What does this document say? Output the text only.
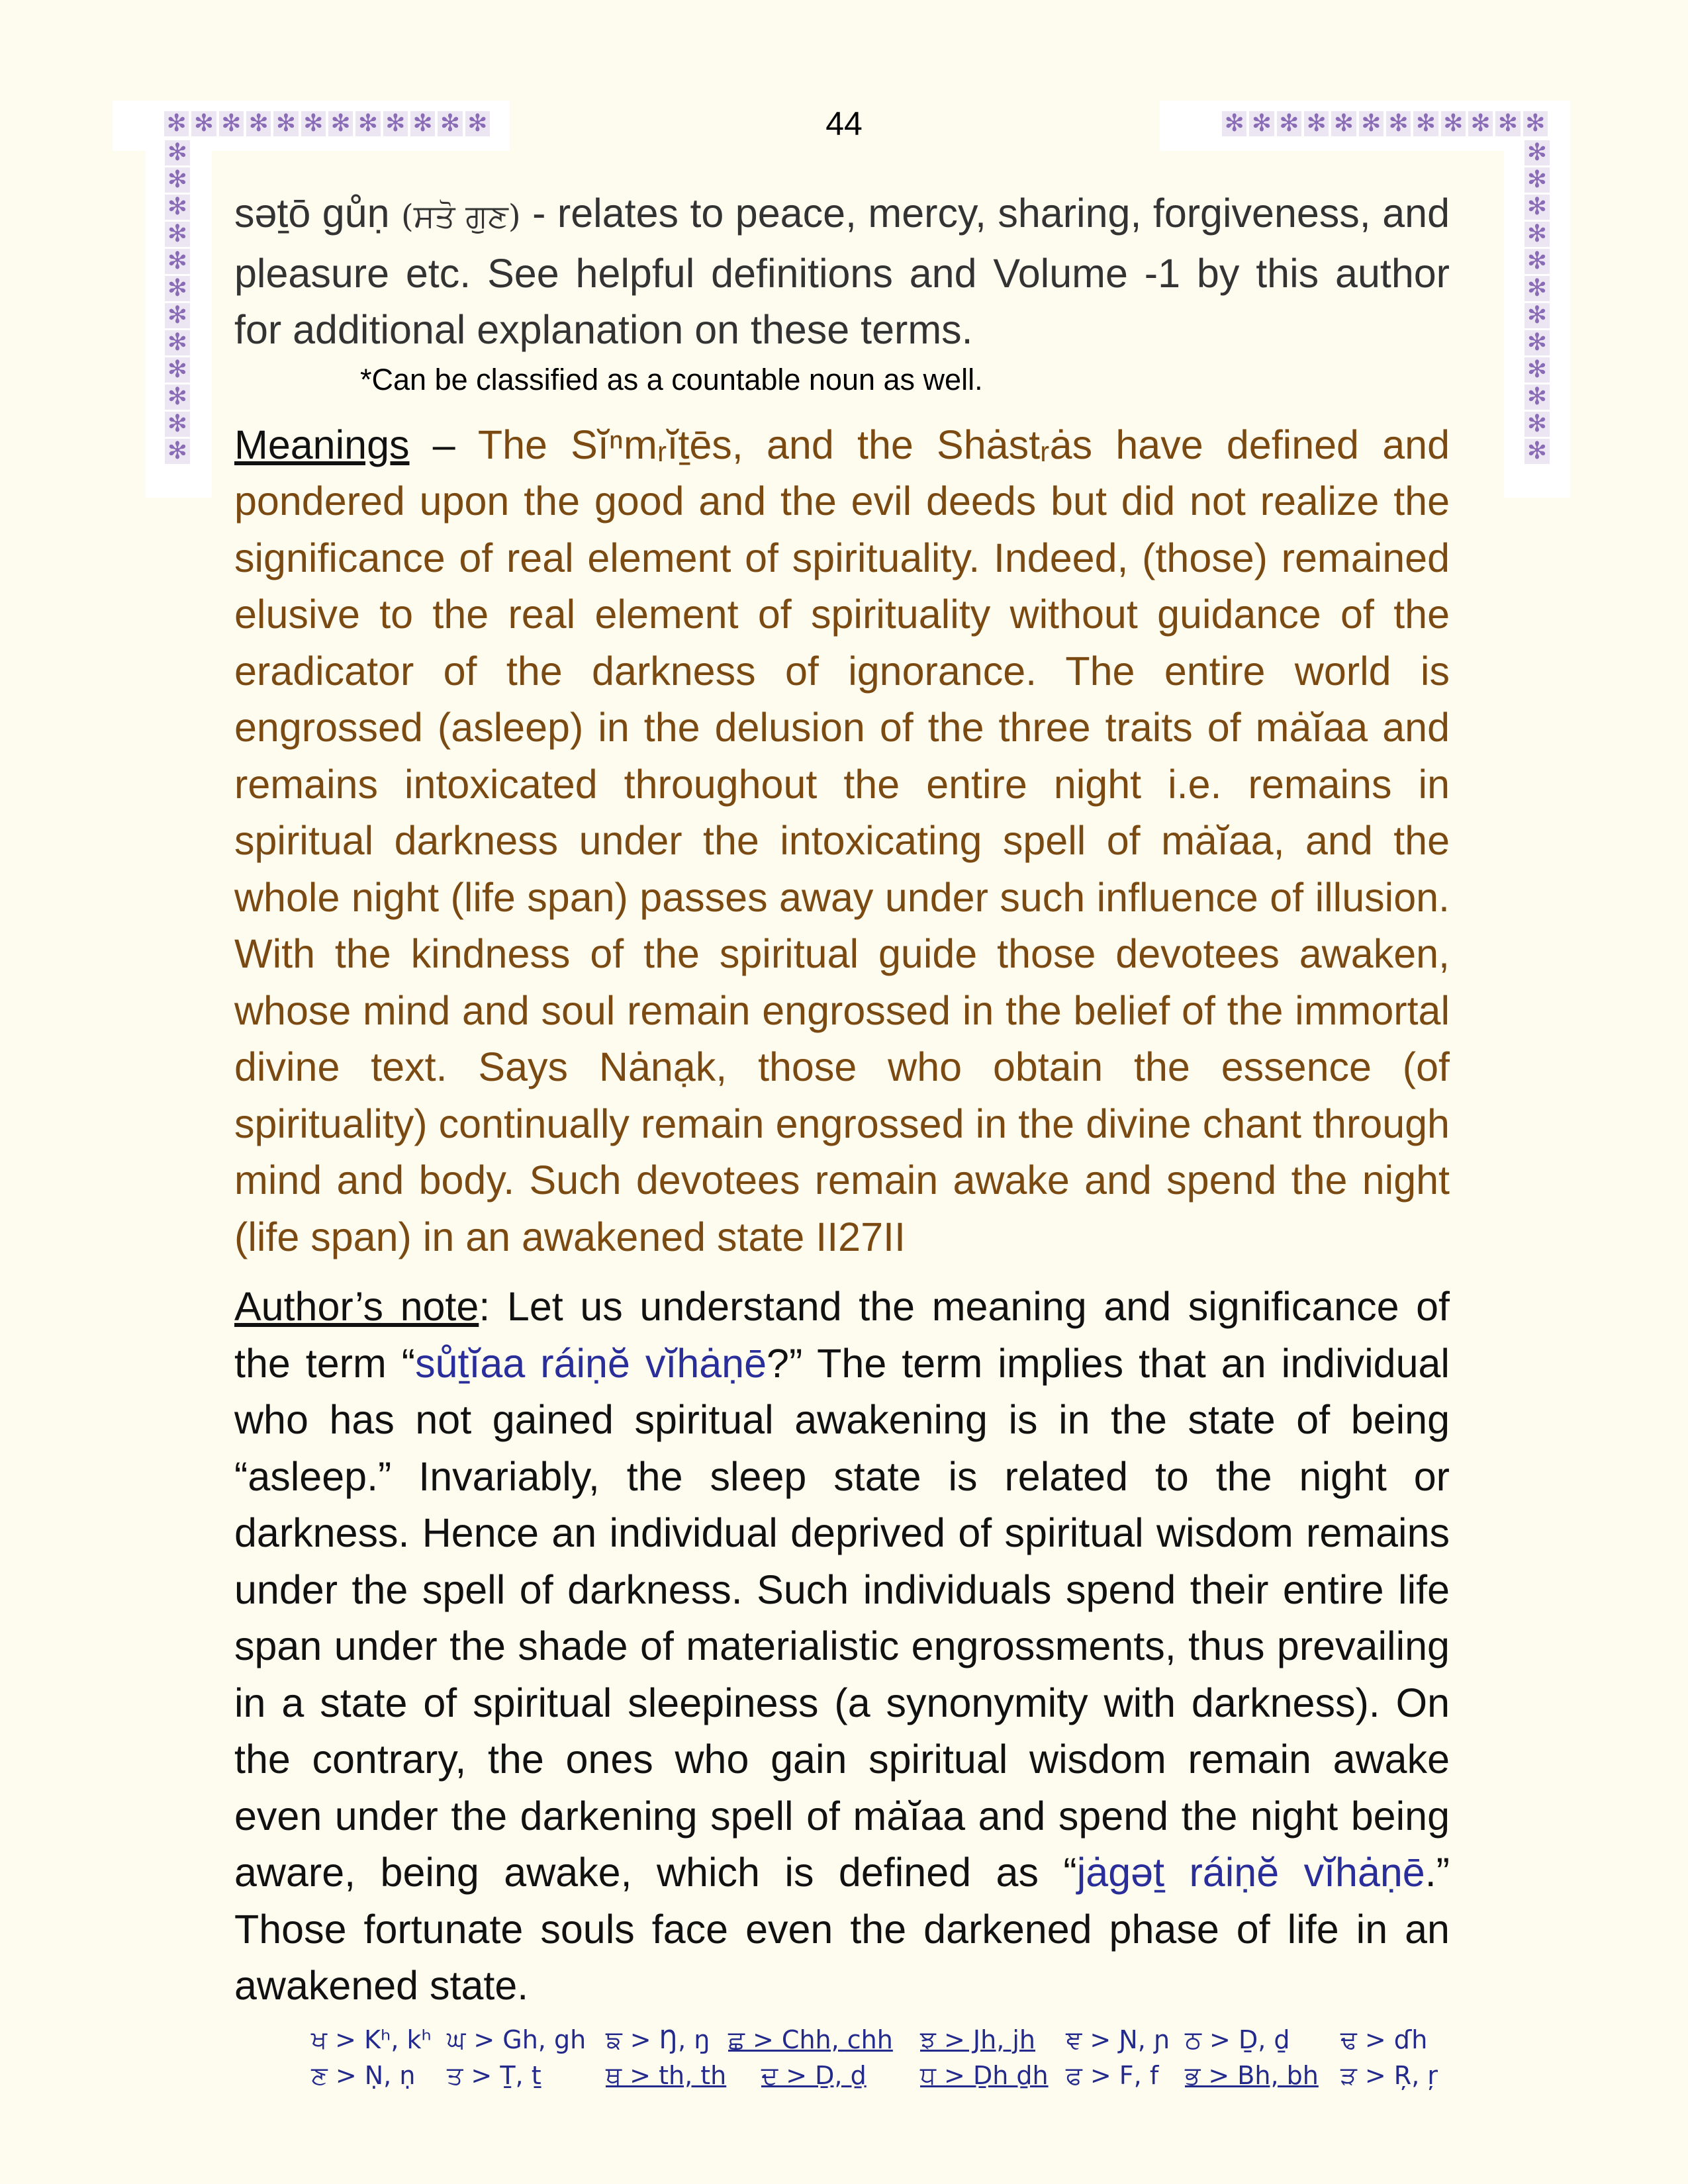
✻ ✻ ✻ ✻ ✻ ✻ ✻ ✻ ✻ ✻ ✻ ✻
✻
✻
✻
✻
✻
✻
✻
✻
✻
✻
✻
✻
✻ ✻ ✻ ✻ ✻ ✻ ✻ ✻ ✻ ✻ ✻ ✻
✻
✻
✻
✻
✻
✻
✻
✻
✻
✻
✻
✻
44

səṯō gůṇ (ਸਤੋ ਗੁਣ) - relates to peace, mercy, sharing, forgiveness, and pleasure etc. See helpful definitions and Volume -1 by this author for additional explanation on these terms.

*Can be classified as a countable noun as well.

Meanings – The Sĭⁿmᵣĭṯēs, and the Shȧstᵣȧs have defined and pondered upon the good and the evil deeds but did not realize the significance of real element of spirituality. Indeed, (those) remained elusive to the real element of spirituality without guidance of the eradicator of the darkness of ignorance. The entire world is engrossed (asleep) in the delusion of the three traits of mȧĭaa and remains intoxicated throughout the entire night i.e. remains in spiritual darkness under the intoxicating spell of mȧĭaa, and the whole night (life span) passes away under such influence of illusion. With the kindness of the spiritual guide those devotees awaken, whose mind and soul remain engrossed in the belief of the immortal divine text. Says Nȧnạk, those who obtain the essence (of spirituality) continually remain engrossed in the divine chant through mind and body. Such devotees remain awake and spend the night (life span) in an awakened state II27II

Author’s note: Let us understand the meaning and significance of the term “sůṯĭaa ráiṇĕ vĭhȧṇē?” The term implies that an individual who has not gained spiritual awakening is in the state of being “asleep.” Invariably, the sleep state is related to the night or darkness. Hence an individual deprived of spiritual wisdom remains under the spell of darkness. Such individuals spend their entire life span under the shade of materialistic engrossments, thus prevailing in a state of spiritual sleepiness (a synonymity with darkness). On the contrary, the ones who gain spiritual wisdom remain awake even under the darkening spell of mȧĭaa and spend the night being aware, being awake, which is defined as “jȧgəṯ ráiṇĕ vĭhȧṇē.” Those fortunate souls face even the darkened phase of life in an awakened state.

ਖ > Kʰ, kʰ ਘ > Gh, gh ਙ > Ŋ, ŋ ਛ > Chh, chh	ਝ > Jh, jh	ਞ > Ɲ, ɲ ਠ > Ḏ, ḏ	ਢ > ɗh
ਣ > Ṇ, ṇ	ਤ > Ṯ, ṯ	ਥ > th, th	ਦ > Ḏ, ḏ	ਧ > Ḏh ḏh ਫ > F, f	ਭ > Bh, bh ੜ > Ŗ, ŗ
